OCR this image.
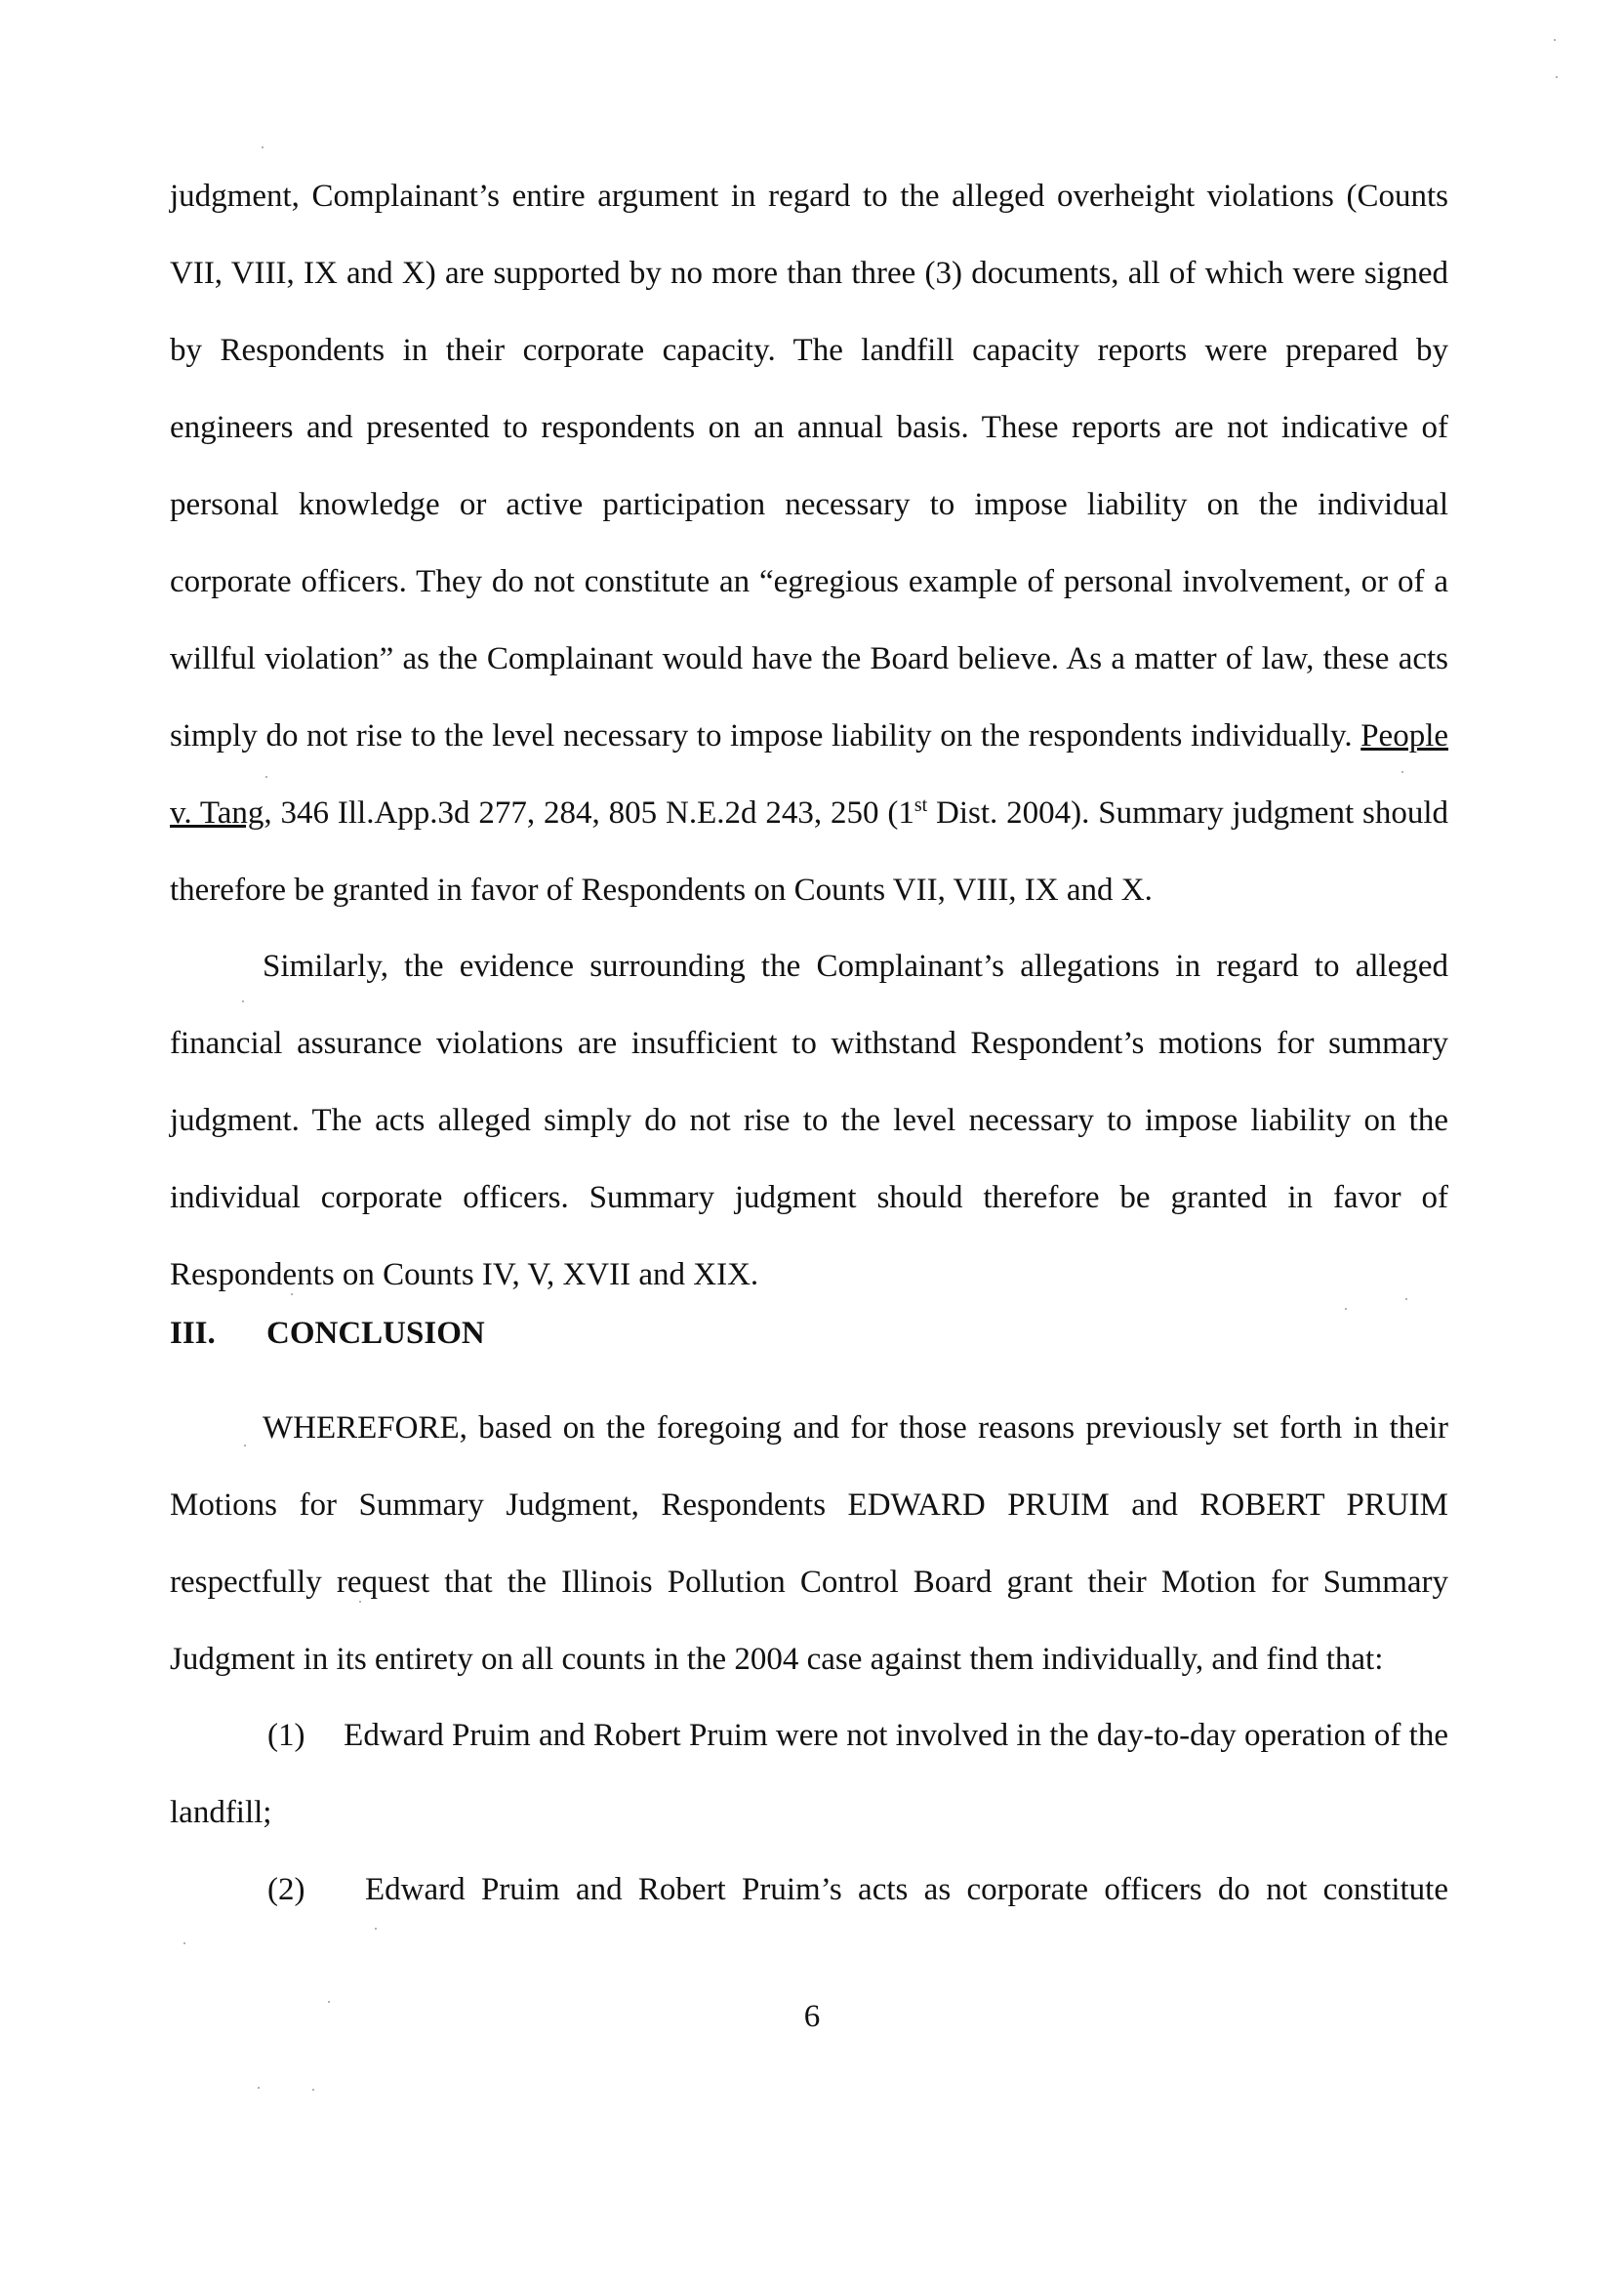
judgment, Complainant’s entire argument in regard to the alleged overheight violations (Counts VII, VIII, IX and X) are supported by no more than three (3) documents, all of which were signed by Respondents in their corporate capacity. The landfill capacity reports were prepared by engineers and presented to respondents on an annual basis. These reports are not indicative of personal knowledge or active participation necessary to impose liability on the individual corporate officers. They do not constitute an “egregious example of personal involvement, or of a willful violation” as the Complainant would have the Board believe. As a matter of law, these acts simply do not rise to the level necessary to impose liability on the respondents individually. People v. Tang, 346 Ill.App.3d 277, 284, 805 N.E.2d 243, 250 (1st Dist. 2004). Summary judgment should therefore be granted in favor of Respondents on Counts VII, VIII, IX and X.

Similarly, the evidence surrounding the Complainant’s allegations in regard to alleged financial assurance violations are insufficient to withstand Respondent’s motions for summary judgment. The acts alleged simply do not rise to the level necessary to impose liability on the individual corporate officers. Summary judgment should therefore be granted in favor of Respondents on Counts IV, V, XVII and XIX.

III. CONCLUSION

WHEREFORE, based on the foregoing and for those reasons previously set forth in their Motions for Summary Judgment, Respondents EDWARD PRUIM and ROBERT PRUIM respectfully request that the Illinois Pollution Control Board grant their Motion for Summary Judgment in its entirety on all counts in the 2004 case against them individually, and find that:

(1)	Edward Pruim and Robert Pruim were not involved in the day-to-day operation of the
landfill;
(2)	Edward Pruim and Robert Pruim’s acts as corporate officers do not constitute
6
